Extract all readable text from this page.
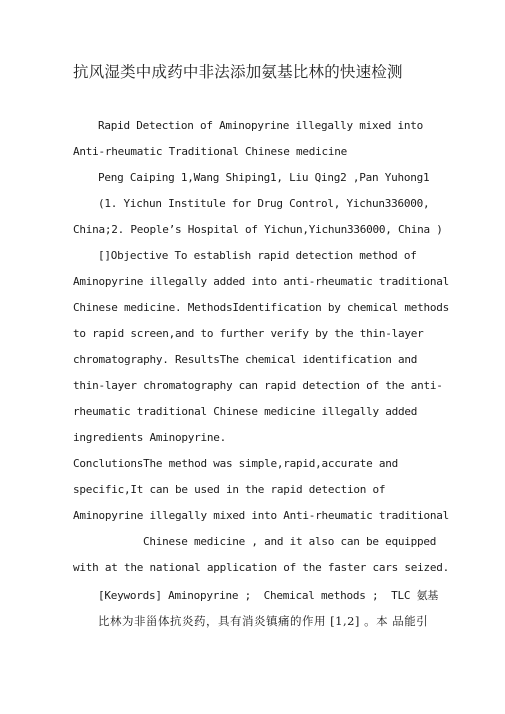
抗风湿类中成药中非法添加氨基比林的快速检测
Rapid Detection of Aminopyrine illegally mixed into
Anti-rheumatic Traditional Chinese medicine
Peng Caiping 1,Wang Shiping1, Liu Qing2 ,Pan Yuhong1
(1. Yichun Institule for Drug Control, Yichun336000,
China;2. People’s Hospital of Yichun,Yichun336000, China )
[]Objective To establish rapid detection method of
Aminopyrine illegally added into anti-rheumatic traditional
Chinese medicine. MethodsIdentification by chemical methods
to rapid screen,and to further verify by the thin-layer
chromatography. ResultsThe chemical identification and
thin-layer chromatography can rapid detection of the anti-
rheumatic traditional Chinese medicine illegally added
ingredients Aminopyrine.
ConclutionsThe method was simple,rapid,accurate and
specific,It can be used in the rapid detection of
Aminopyrine illegally mixed into Anti-rheumatic traditional
Chinese medicine , and it also can be equipped
with at the national application of the faster cars seized.
[Keywords] Aminopyrine ;  Chemical methods ;  TLC 氨基
比林为非甾体抗炎药，具有消炎镇痛的作用 [1,2] 。本 品能引
